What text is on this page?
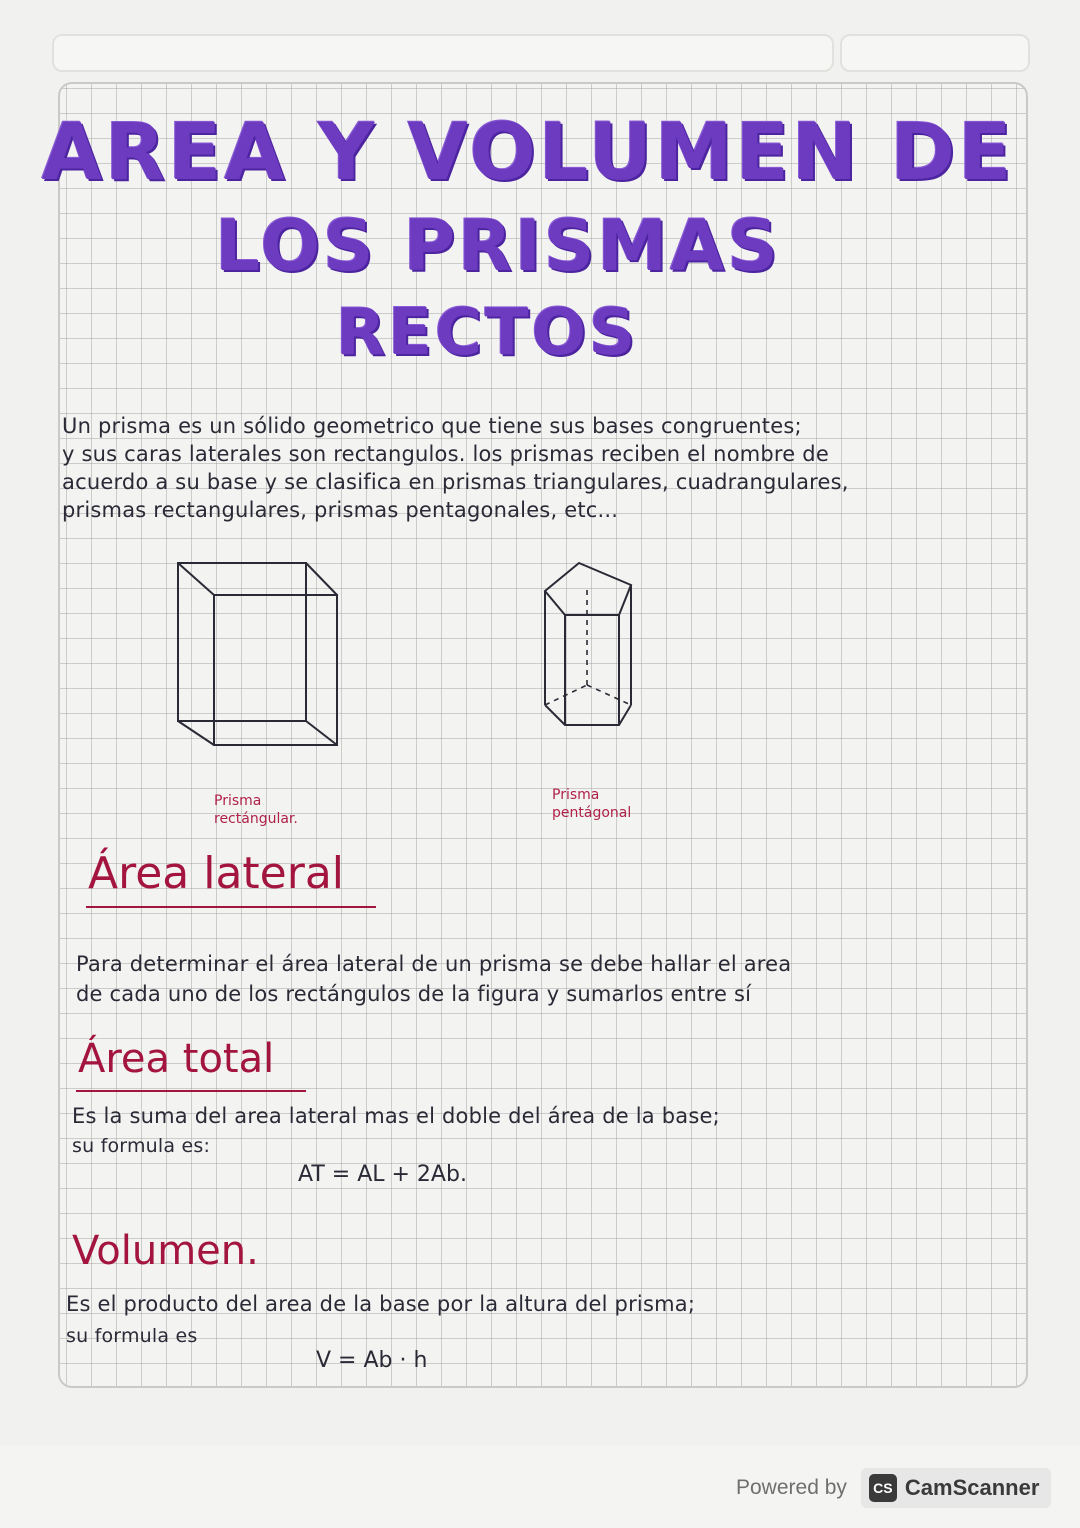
AREA Y VOLUMEN DE
LOS PRISMAS
RECTOS
Un prisma es un sólido geometrico que tiene sus bases congruentes;
y sus caras laterales son rectangulos. los prismas reciben el nombre de
acuerdo a su base y se clasifica en prismas triangulares, cuadrangulares,
prismas rectangulares, prismas pentagonales, etc...
Prisma
rectángular.
Prisma
pentágonal
Área lateral

Para determinar el área lateral de un prisma se debe hallar el area

de cada uno de los rectángulos de la figura y sumarlos entre sí

Área total

Es la suma del area lateral mas el doble del área de la base;

su formula es:

AT = AL + 2Ab.
Volumen.

Es el producto del area de la base por la altura del prisma;

su formula es

V = Ab · h
Powered by	CS CamScanner
